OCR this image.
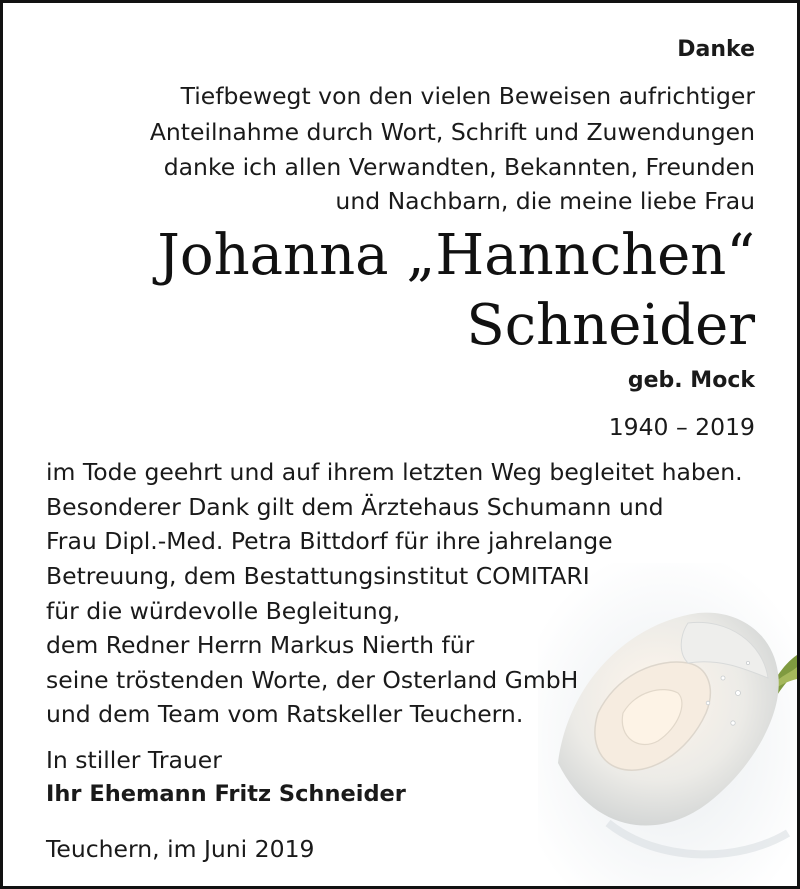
Danke
Tiefbewegt von den vielen Beweisen aufrichtiger
Anteilnahme durch Wort, Schrift und Zuwendungen
danke ich allen Verwandten, Bekannten, Freunden
und Nachbarn, die meine liebe Frau
Johanna „Hannchen“
Schneider
geb. Mock
1940 – 2019
im Tode geehrt und auf ihrem letzten Weg begleitet haben.
Besonderer Dank gilt dem Ärztehaus Schumann und
Frau Dipl.-Med. Petra Bittdorf für ihre jahrelange
Betreuung, dem Bestattungsinstitut COMITARI
für die würdevolle Begleitung,
dem Redner Herrn Markus Nierth für
seine tröstenden Worte, der Osterland GmbH
und dem Team vom Ratskeller Teuchern.
In stiller Trauer
Ihr Ehemann Fritz Schneider
Teuchern, im Juni 2019
